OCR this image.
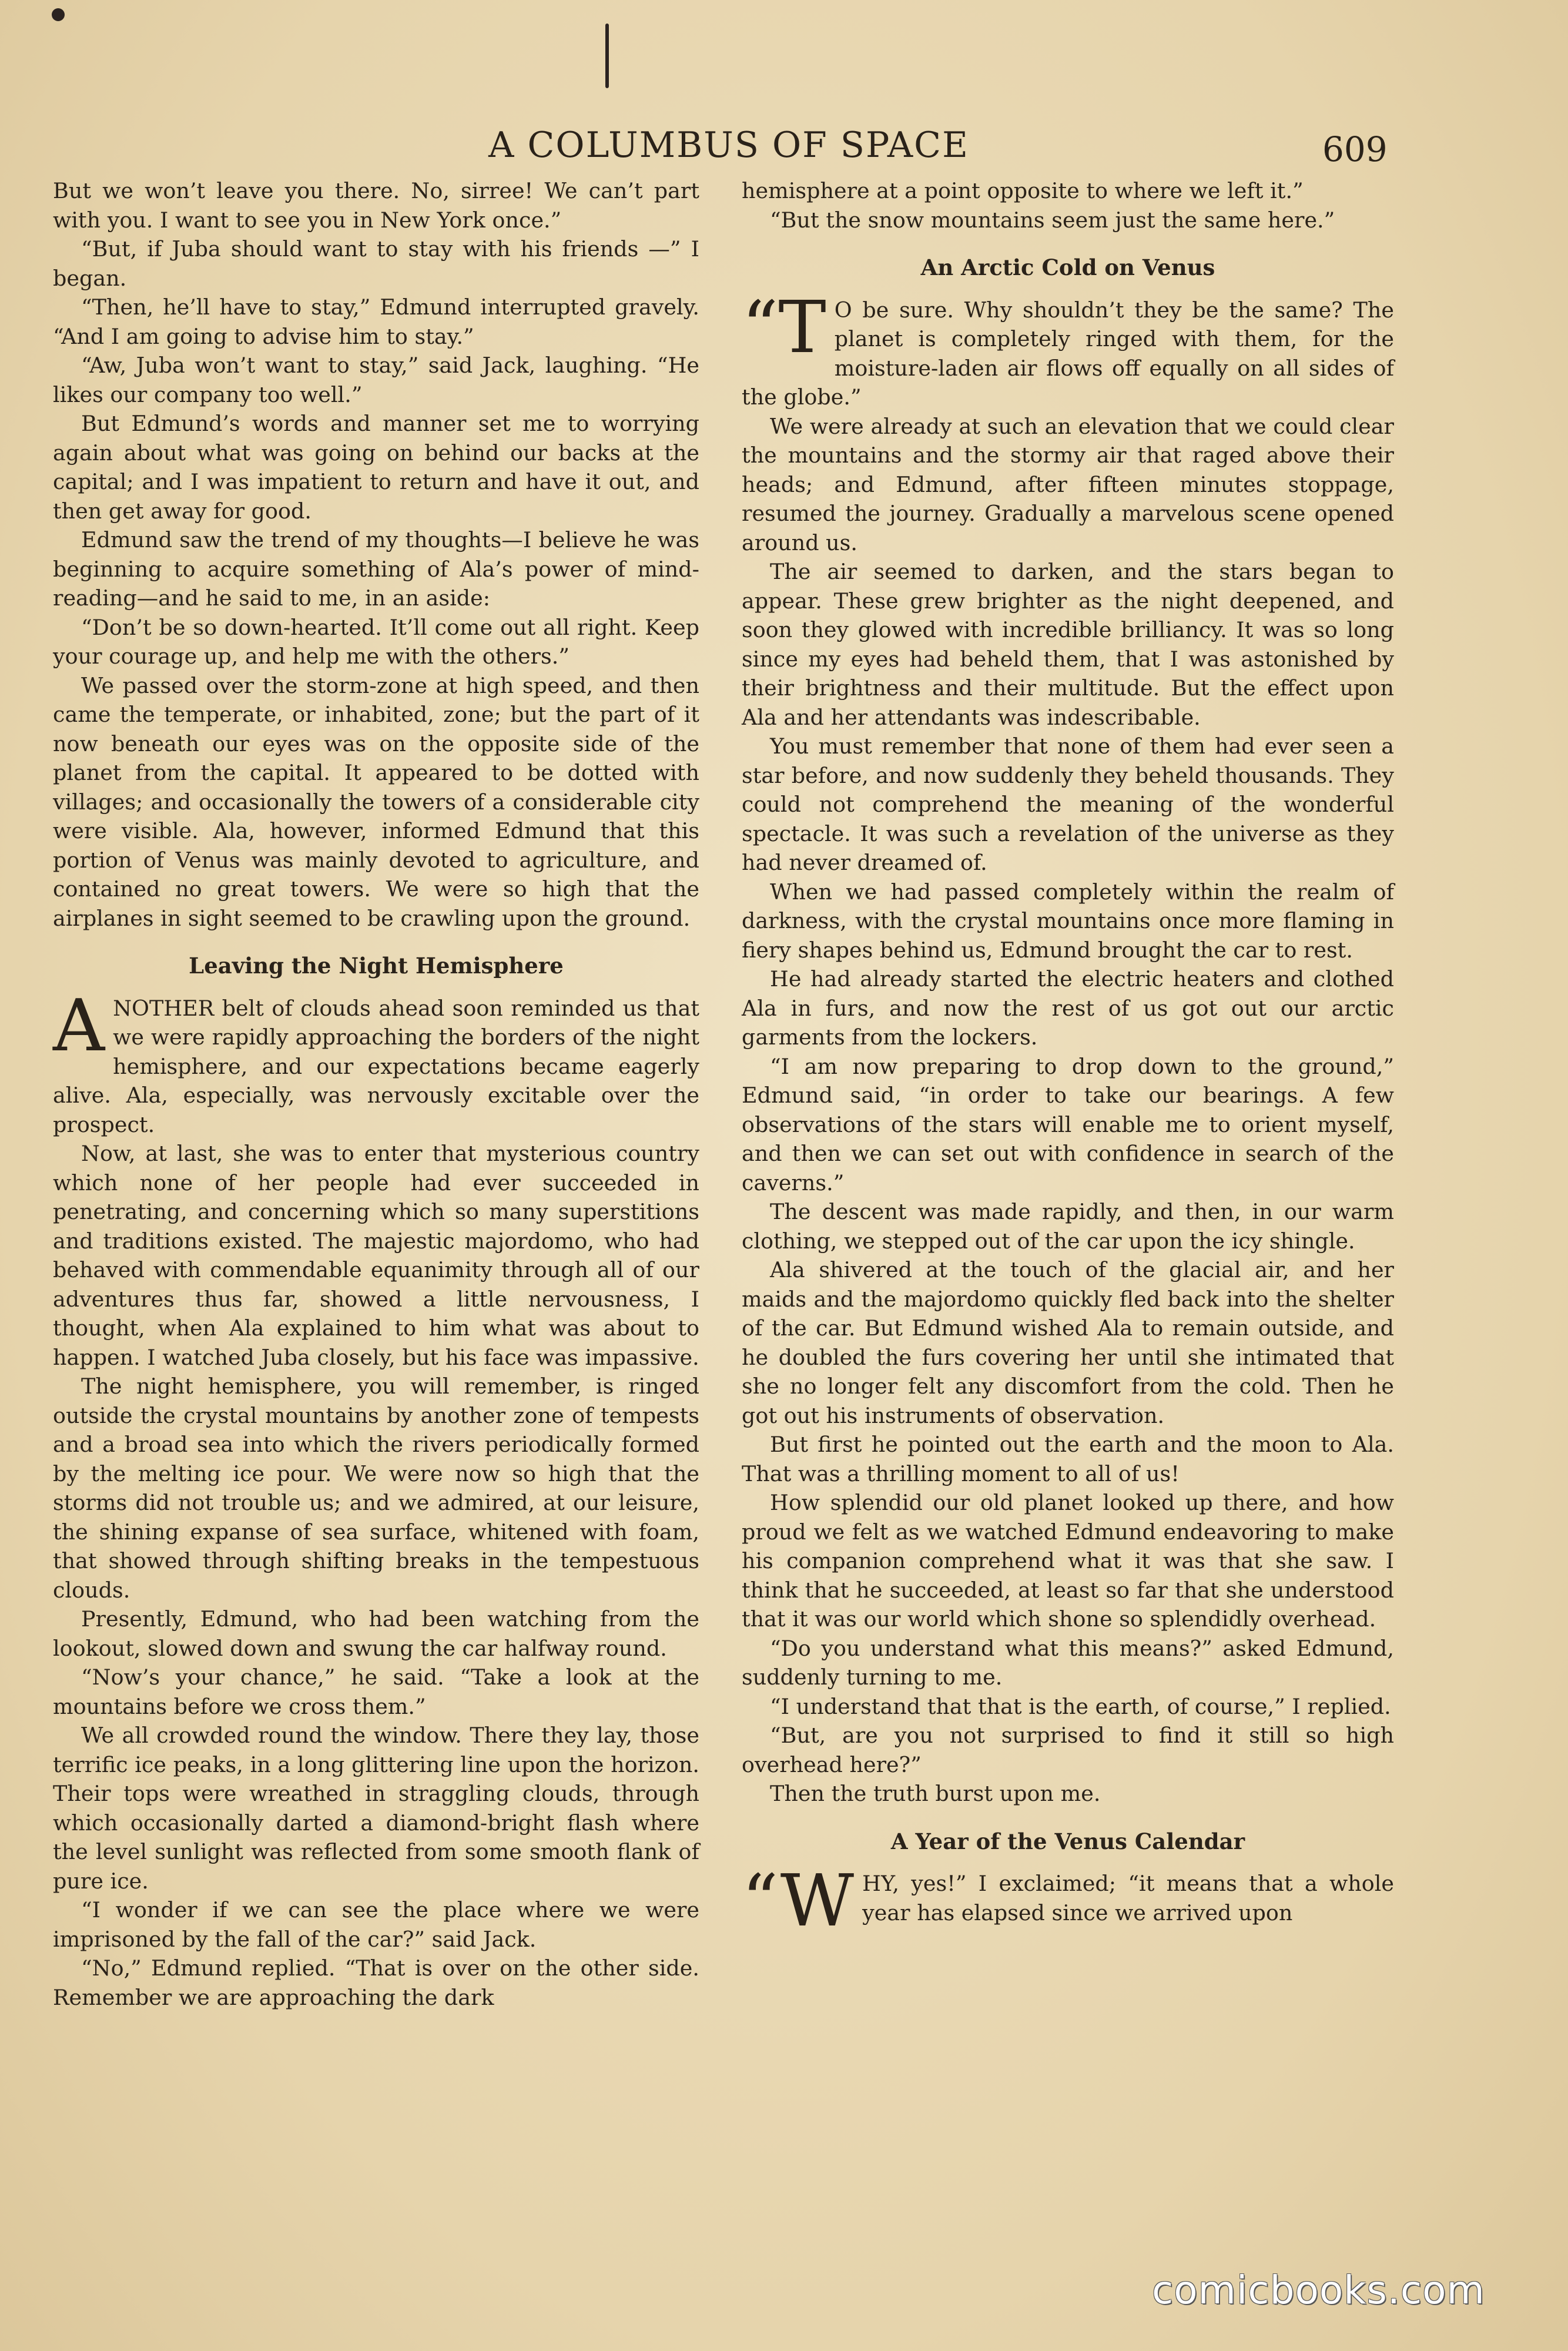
A COLUMBUS OF SPACE	609

But we won’t leave you there. No, sirree! We can’t part with you. I want to see you in New York once.”

“But, if Juba should want to stay with his friends —” I began.

“Then, he’ll have to stay,” Edmund interrupted gravely. “And I am going to advise him to stay.”

“Aw, Juba won’t want to stay,” said Jack, laughing. “He likes our company too well.”

But Edmund’s words and manner set me to worrying again about what was going on behind our backs at the capital; and I was impatient to return and have it out, and then get away for good.

Edmund saw the trend of my thoughts—I believe he was beginning to acquire something of Ala’s power of mind-reading—and he said to me, in an aside:

“Don’t be so down-hearted. It’ll come out all right. Keep your courage up, and help me with the others.”

We passed over the storm-zone at high speed, and then came the temperate, or inhabited, zone; but the part of it now beneath our eyes was on the opposite side of the planet from the capital. It appeared to be dotted with villages; and occasionally the towers of a considerable city were visible. Ala, however, informed Edmund that this portion of Venus was mainly devoted to agriculture, and contained no great towers. We were so high that the airplanes in sight seemed to be crawling upon the ground.

Leaving the Night Hemisphere

ANOTHER belt of clouds ahead soon reminded us that we were rapidly approaching the borders of the night hemisphere, and our expectations became eagerly alive. Ala, especially, was nervously excitable over the prospect.

Now, at last, she was to enter that mysterious country which none of her people had ever succeeded in penetrating, and concerning which so many superstitions and traditions existed. The majestic majordomo, who had behaved with commendable equanimity through all of our adventures thus far, showed a little nervousness, I thought, when Ala explained to him what was about to happen. I watched Juba closely, but his face was impassive.

The night hemisphere, you will remember, is ringed outside the crystal mountains by another zone of tempests and a broad sea into which the rivers periodically formed by the melting ice pour. We were now so high that the storms did not trouble us; and we admired, at our leisure, the shining expanse of sea surface, whitened with foam, that showed through shifting breaks in the tempestuous clouds.

Presently, Edmund, who had been watching from the lookout, slowed down and swung the car halfway round.

“Now’s your chance,” he said. “Take a look at the mountains before we cross them.”

We all crowded round the window. There they lay, those terrific ice peaks, in a long glittering line upon the horizon. Their tops were wreathed in straggling clouds, through which occasionally darted a diamond-bright flash where the level sunlight was reflected from some smooth flank of pure ice.

“I wonder if we can see the place where we were imprisoned by the fall of the car?” said Jack.

“No,” Edmund replied. “That is over on the other side. Remember we are approaching the dark

hemisphere at a point opposite to where we left it.”

“But the snow mountains seem just the same here.”

An Arctic Cold on Venus

“T O be sure. Why shouldn’t they be the same? The planet is completely ringed with them, for the moisture-laden air flows off equally on all sides of the globe.”

We were already at such an elevation that we could clear the mountains and the stormy air that raged above their heads; and Edmund, after fifteen minutes stoppage, resumed the journey. Gradually a marvelous scene opened around us.

The air seemed to darken, and the stars began to appear. These grew brighter as the night deepened, and soon they glowed with incredible brilliancy. It was so long since my eyes had beheld them, that I was astonished by their brightness and their multitude. But the effect upon Ala and her attendants was indescribable.

You must remember that none of them had ever seen a star before, and now suddenly they beheld thousands. They could not comprehend the meaning of the wonderful spectacle. It was such a revelation of the universe as they had never dreamed of.

When we had passed completely within the realm of darkness, with the crystal mountains once more flaming in fiery shapes behind us, Edmund brought the car to rest.

He had already started the electric heaters and clothed Ala in furs, and now the rest of us got out our arctic garments from the lockers.

“I am now preparing to drop down to the ground,” Edmund said, “in order to take our bearings. A few observations of the stars will enable me to orient myself, and then we can set out with confidence in search of the caverns.”

The descent was made rapidly, and then, in our warm clothing, we stepped out of the car upon the icy shingle.

Ala shivered at the touch of the glacial air, and her maids and the majordomo quickly fled back into the shelter of the car. But Edmund wished Ala to remain outside, and he doubled the furs covering her until she intimated that she no longer felt any discomfort from the cold. Then he got out his instruments of observation.

But first he pointed out the earth and the moon to Ala. That was a thrilling moment to all of us!

How splendid our old planet looked up there, and how proud we felt as we watched Edmund endeavoring to make his companion comprehend what it was that she saw. I think that he succeeded, at least so far that she understood that it was our world which shone so splendidly overhead.

“Do you understand what this means?” asked Edmund, suddenly turning to me.

“I understand that that is the earth, of course,” I replied.

“But, are you not surprised to find it still so high overhead here?”

Then the truth burst upon me.

A Year of the Venus Calendar

“WHY, yes!” I exclaimed; “it means that a whole year has elapsed since we arrived upon

comicbooks.com
